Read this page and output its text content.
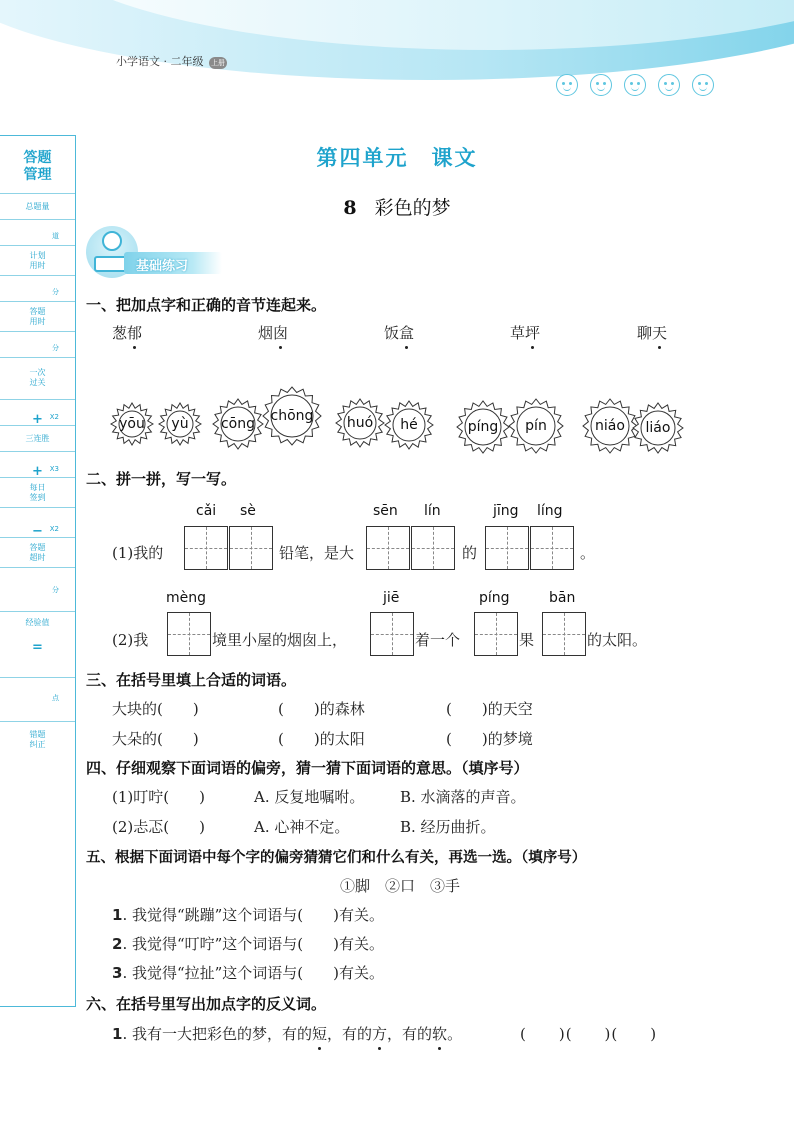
小学语文 · 二年级 上册
答题
管理
总题量
道
计划
用时
分
答题
用时
分
一次
过关
X2
+
三连胜
X3
+
每日
签到
X2
−
答题
超时
分
经验值
=
点
错题
纠正
第四单元　课文
8 彩色的梦
基础练习
一、把加点字和正确的音节连起来。
葱郁	烟囱	饭盒	草坪	聊天
yōu	yù	cōng	chōng	huó	hé	píng	pín	niáo	liáo
二、拼一拼，写一写。
cǎi sè	sēn lín	jīng líng
(1)我的	铅笔，是大	的	。
mèng	jiē	píng	bān
(2)我	境里小屋的烟囱上，	着一个	果	的太阳。
三、在括号里填上合适的词语。
大块的(　　)	(　　)的森林	(　　)的天空
大朵的(　　)	(　　)的太阳	(　　)的梦境
四、仔细观察下面词语的偏旁，猜一猜下面词语的意思。（填序号）
(1)叮咛(　　)	A. 反复地嘱咐。 B. 水滴落的声音。
(2)忐忑(　　)	A. 心神不定。	B. 经历曲折。
五、根据下面词语中每个字的偏旁猜猜它们和什么有关，再选一选。（填序号）
①脚　②口　③手
1. 我觉得“跳蹦”这个词语与(　　)有关。
2. 我觉得“叮咛”这个词语与(　　)有关。
3. 我觉得“拉扯”这个词语与(　　)有关。
六、在括号里写出加点字的反义词。
1. 我有一大把彩色的梦，有的短，有的方，有的软。	(　　)(　　)(　　)
